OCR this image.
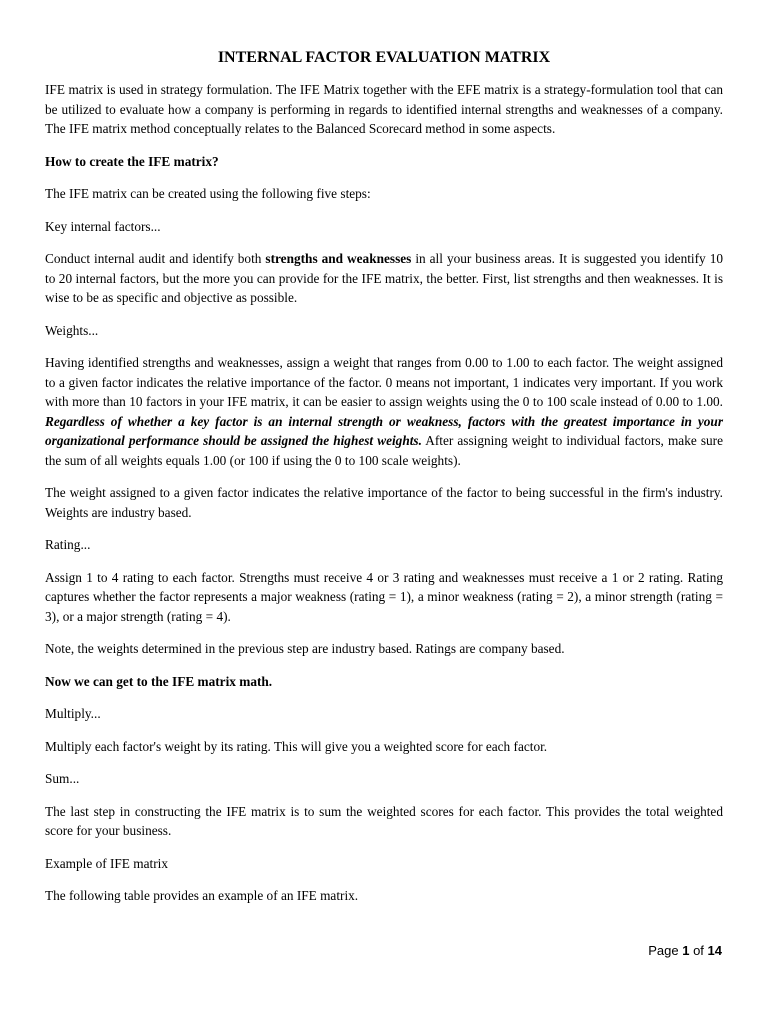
INTERNAL FACTOR EVALUATION MATRIX

IFE matrix is used in strategy formulation. The IFE Matrix together with the EFE matrix is a strategy-formulation tool that can be utilized to evaluate how a company is performing in regards to identified internal strengths and weaknesses of a company. The IFE matrix method conceptually relates to the Balanced Scorecard method in some aspects.

How to create the IFE matrix?

The IFE matrix can be created using the following five steps:

Key internal factors...

Conduct internal audit and identify both strengths and weaknesses in all your business areas. It is suggested you identify 10 to 20 internal factors, but the more you can provide for the IFE matrix, the better. First, list strengths and then weaknesses. It is wise to be as specific and objective as possible.

Weights...

Having identified strengths and weaknesses, assign a weight that ranges from 0.00 to 1.00 to each factor. The weight assigned to a given factor indicates the relative importance of the factor. 0 means not important, 1 indicates very important. If you work with more than 10 factors in your IFE matrix, it can be easier to assign weights using the 0 to 100 scale instead of 0.00 to 1.00. Regardless of whether a key factor is an internal strength or weakness, factors with the greatest importance in your organizational performance should be assigned the highest weights. After assigning weight to individual factors, make sure the sum of all weights equals 1.00 (or 100 if using the 0 to 100 scale weights).

The weight assigned to a given factor indicates the relative importance of the factor to being successful in the firm's industry. Weights are industry based.

Rating...

Assign 1 to 4 rating to each factor. Strengths must receive 4 or 3 rating and weaknesses must receive a 1 or 2 rating. Rating captures whether the factor represents a major weakness (rating = 1), a minor weakness (rating = 2), a minor strength (rating = 3), or a major strength (rating = 4).

Note, the weights determined in the previous step are industry based. Ratings are company based.

Now we can get to the IFE matrix math.

Multiply...

Multiply each factor's weight by its rating. This will give you a weighted score for each factor.

Sum...

The last step in constructing the IFE matrix is to sum the weighted scores for each factor. This provides the total weighted score for your business.

Example of IFE matrix

The following table provides an example of an IFE matrix.

Page 1 of 14
